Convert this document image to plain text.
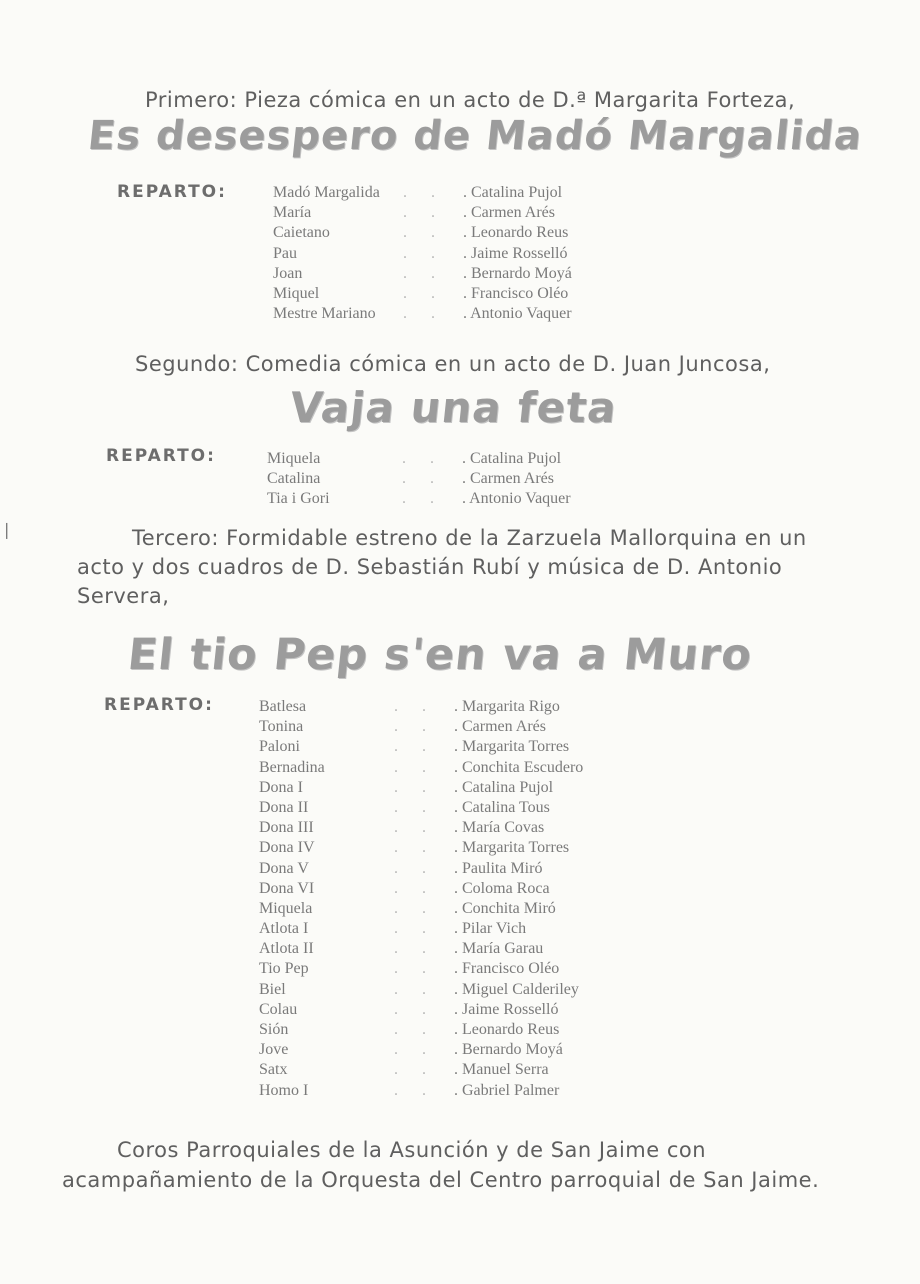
❘

Primero: Pieza cómica en un acto de D.ª Margarita Forteza,

Es desespero de Madó Margalida
REPARTO:	Madó Margalida . .	. Catalina Pujol
María	. .	. Carmen Arés
Caietano	. .	. Leonardo Reus
Pau	. .	. Jaime Rosselló
Joan	. .	. Bernardo Moyá
Miquel	. .	. Francisco Oléo
Mestre Mariano . .	. Antonio Vaquer

Segundo: Comedia cómica en un acto de D. Juan Juncosa,

Vaja una feta
REPARTO:	Miquela	. .	. Catalina Pujol
Catalina	. .	. Carmen Arés
Tia i Gori	. .	. Antonio Vaquer

Tercero: Formidable estreno de la Zarzuela Mallorquina en un acto y dos cuadros de D. Sebastián Rubí y música de D. Antonio Servera,

El tio Pep s'en va a Muro
REPARTO:	Batlesa	. .	. Margarita Rigo
Tonina	. .	. Carmen Arés
Paloni	. .	. Margarita Torres
Bernadina	. .	. Conchita Escudero
Dona I	. .	. Catalina Pujol
Dona II	. .	. Catalina Tous
Dona III	. .	. María Covas
Dona IV	. .	. Margarita Torres
Dona V	. .	. Paulita Miró
Dona VI	. .	. Coloma Roca
Miquela	. .	. Conchita Miró
Atlota I	. .	. Pilar Vich
Atlota II	. .	. María Garau
Tio Pep	. .	. Francisco Oléo
Biel	. .	. Miguel Calderiley
Colau	. .	. Jaime Rosselló
Sión	. .	. Leonardo Reus
Jove	. .	. Bernardo Moyá
Satx	. .	. Manuel Serra
Homo I	. .	. Gabriel Palmer

Coros Parroquiales de la Asunción y de San Jaime con acampañamiento de la Orquesta del Centro parroquial de San Jaime.
